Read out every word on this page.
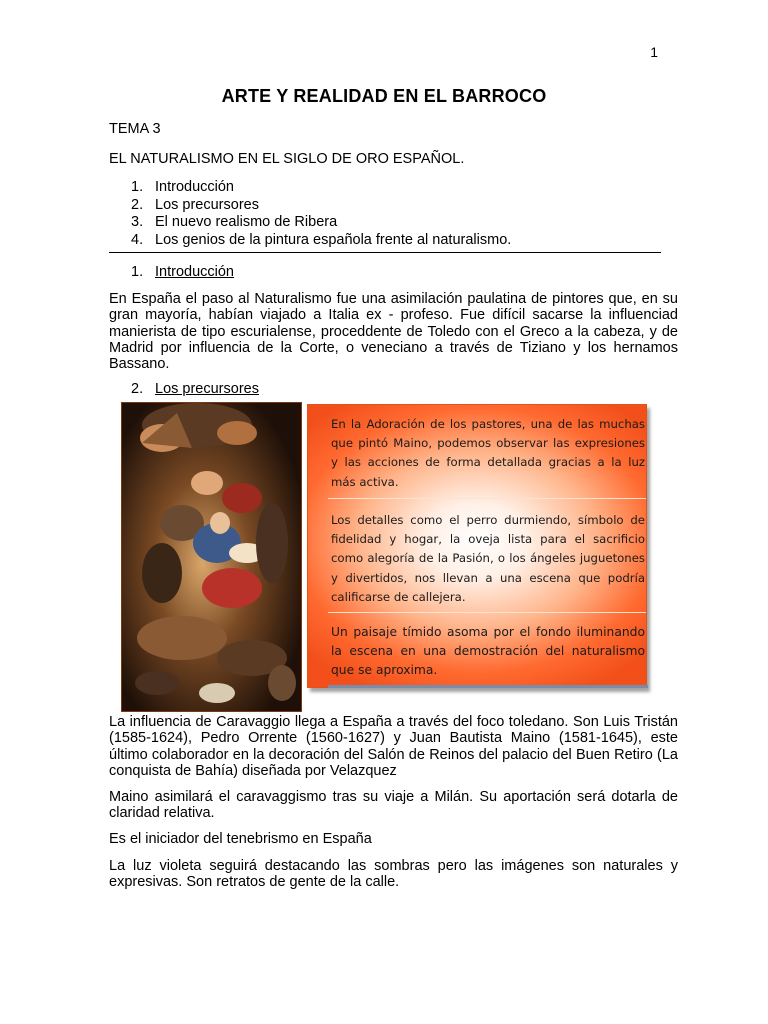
1
ARTE Y REALIDAD EN EL BARROCO
TEMA 3
EL NATURALISMO EN EL SIGLO DE ORO ESPAÑOL.
1. Introducción
2. Los precursores
3. El nuevo realismo de Ribera
4. Los genios de la pintura española frente al naturalismo.
1. Introducción

En España el paso al Naturalismo fue una asimilación paulatina de pintores que, en su gran mayoría, habían viajado a Italia ex - profeso. Fue difícil sacarse la influenciad manierista de tipo escurialense, proceddente de Toledo con el Greco a la cabeza, y de Madrid por influencia de la Corte, o veneciano a través de Tiziano y los hernamos Bassano.

2. Los precursores

En la Adoración de los pastores, una de las muchas que pintó Maino, podemos observar las expresiones y las acciones de forma detallada gracias a la luz más activa.

Los detalles como el perro durmiendo, símbolo de fidelidad y hogar, la oveja lista para el sacrificio como alegoría de la Pasión, o los ángeles juguetones y divertidos, nos llevan a una escena que podría calificarse de callejera.

Un paisaje tímido asoma por el fondo iluminando la escena en una demostración del naturalismo que se aproxima.

La influencia de Caravaggio llega a España a través del foco toledano. Son Luis Tristán (1585-1624), Pedro Orrente (1560-1627) y Juan Bautista Maino (1581-1645), este último colaborador en la decoración del Salón de Reinos del palacio del Buen Retiro (La conquista de Bahía) diseñada por Velazquez

Maino asimilará el caravaggismo tras su viaje a Milán. Su aportación será dotarla de claridad relativa.

Es el iniciador del tenebrismo en España

La luz violeta seguirá destacando las sombras pero las imágenes son naturales y expresivas. Son retratos de gente de la calle.
